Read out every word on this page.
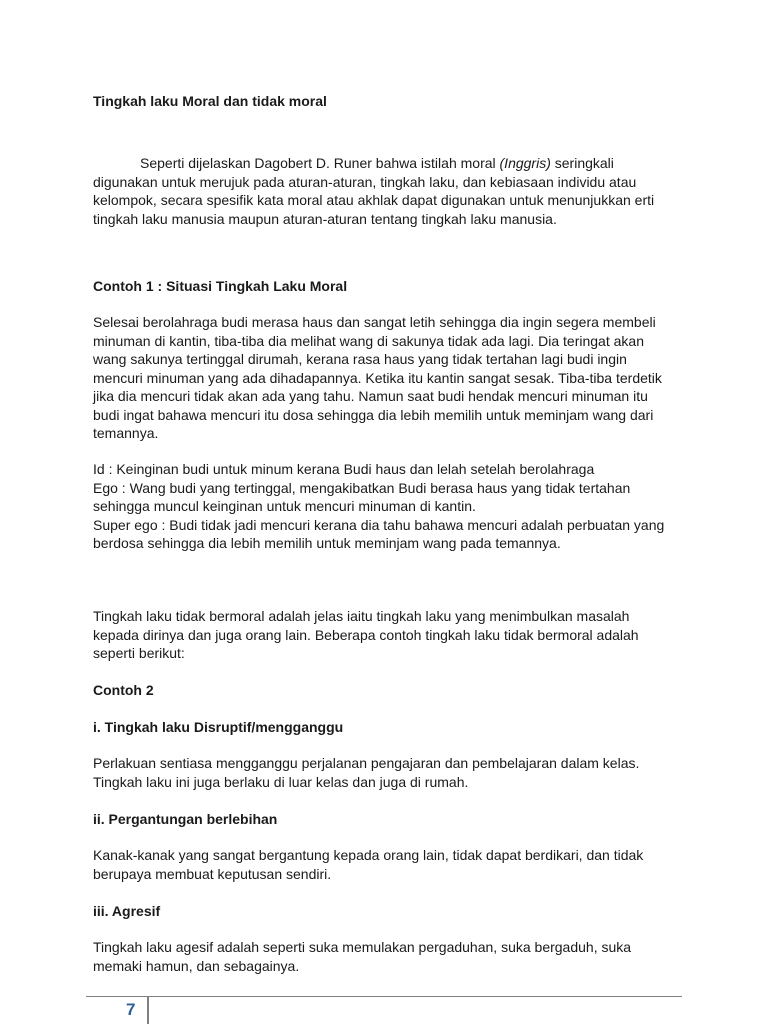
Tingkah laku Moral dan tidak moral
Seperti dijelaskan Dagobert D. Runer bahwa istilah moral (Inggris) seringkali
digunakan untuk merujuk pada aturan-aturan, tingkah laku, dan kebiasaan individu atau
kelompok, secara spesifik kata moral atau akhlak dapat digunakan untuk menunjukkan erti
tingkah laku manusia maupun aturan-aturan tentang tingkah laku manusia.
Contoh 1 : Situasi Tingkah Laku Moral
Selesai berolahraga budi merasa haus dan sangat letih sehingga dia ingin segera membeli
minuman di kantin, tiba-tiba dia melihat wang di sakunya tidak ada lagi. Dia teringat akan
wang sakunya tertinggal dirumah, kerana rasa haus yang tidak tertahan lagi budi ingin
mencuri minuman yang ada dihadapannya. Ketika itu kantin sangat sesak. Tiba-tiba terdetik
jika dia mencuri tidak akan ada yang tahu. Namun saat budi hendak mencuri minuman itu
budi ingat bahawa mencuri itu dosa sehingga dia lebih memilih untuk meminjam wang dari
temannya.
Id : Keinginan budi untuk minum kerana Budi haus dan lelah setelah berolahraga
Ego : Wang budi yang tertinggal, mengakibatkan Budi berasa haus yang tidak tertahan
sehingga muncul keinginan untuk mencuri minuman di kantin.
Super ego : Budi tidak jadi mencuri kerana dia tahu bahawa mencuri adalah perbuatan yang
berdosa sehingga dia lebih memilih untuk meminjam wang pada temannya.
Tingkah laku tidak bermoral adalah jelas iaitu tingkah laku yang menimbulkan masalah
kepada dirinya dan juga orang lain. Beberapa contoh tingkah laku tidak bermoral adalah
seperti berikut:
Contoh 2
i. Tingkah laku Disruptif/mengganggu
Perlakuan sentiasa mengganggu perjalanan pengajaran dan pembelajaran dalam kelas.
Tingkah laku ini juga berlaku di luar kelas dan juga di rumah.
ii. Pergantungan berlebihan
Kanak-kanak yang sangat bergantung kepada orang lain, tidak dapat berdikari, dan tidak
berupaya membuat keputusan sendiri.
iii. Agresif
Tingkah laku agesif adalah seperti suka memulakan pergaduhan, suka bergaduh, suka
memaki hamun, dan sebagainya.
7
